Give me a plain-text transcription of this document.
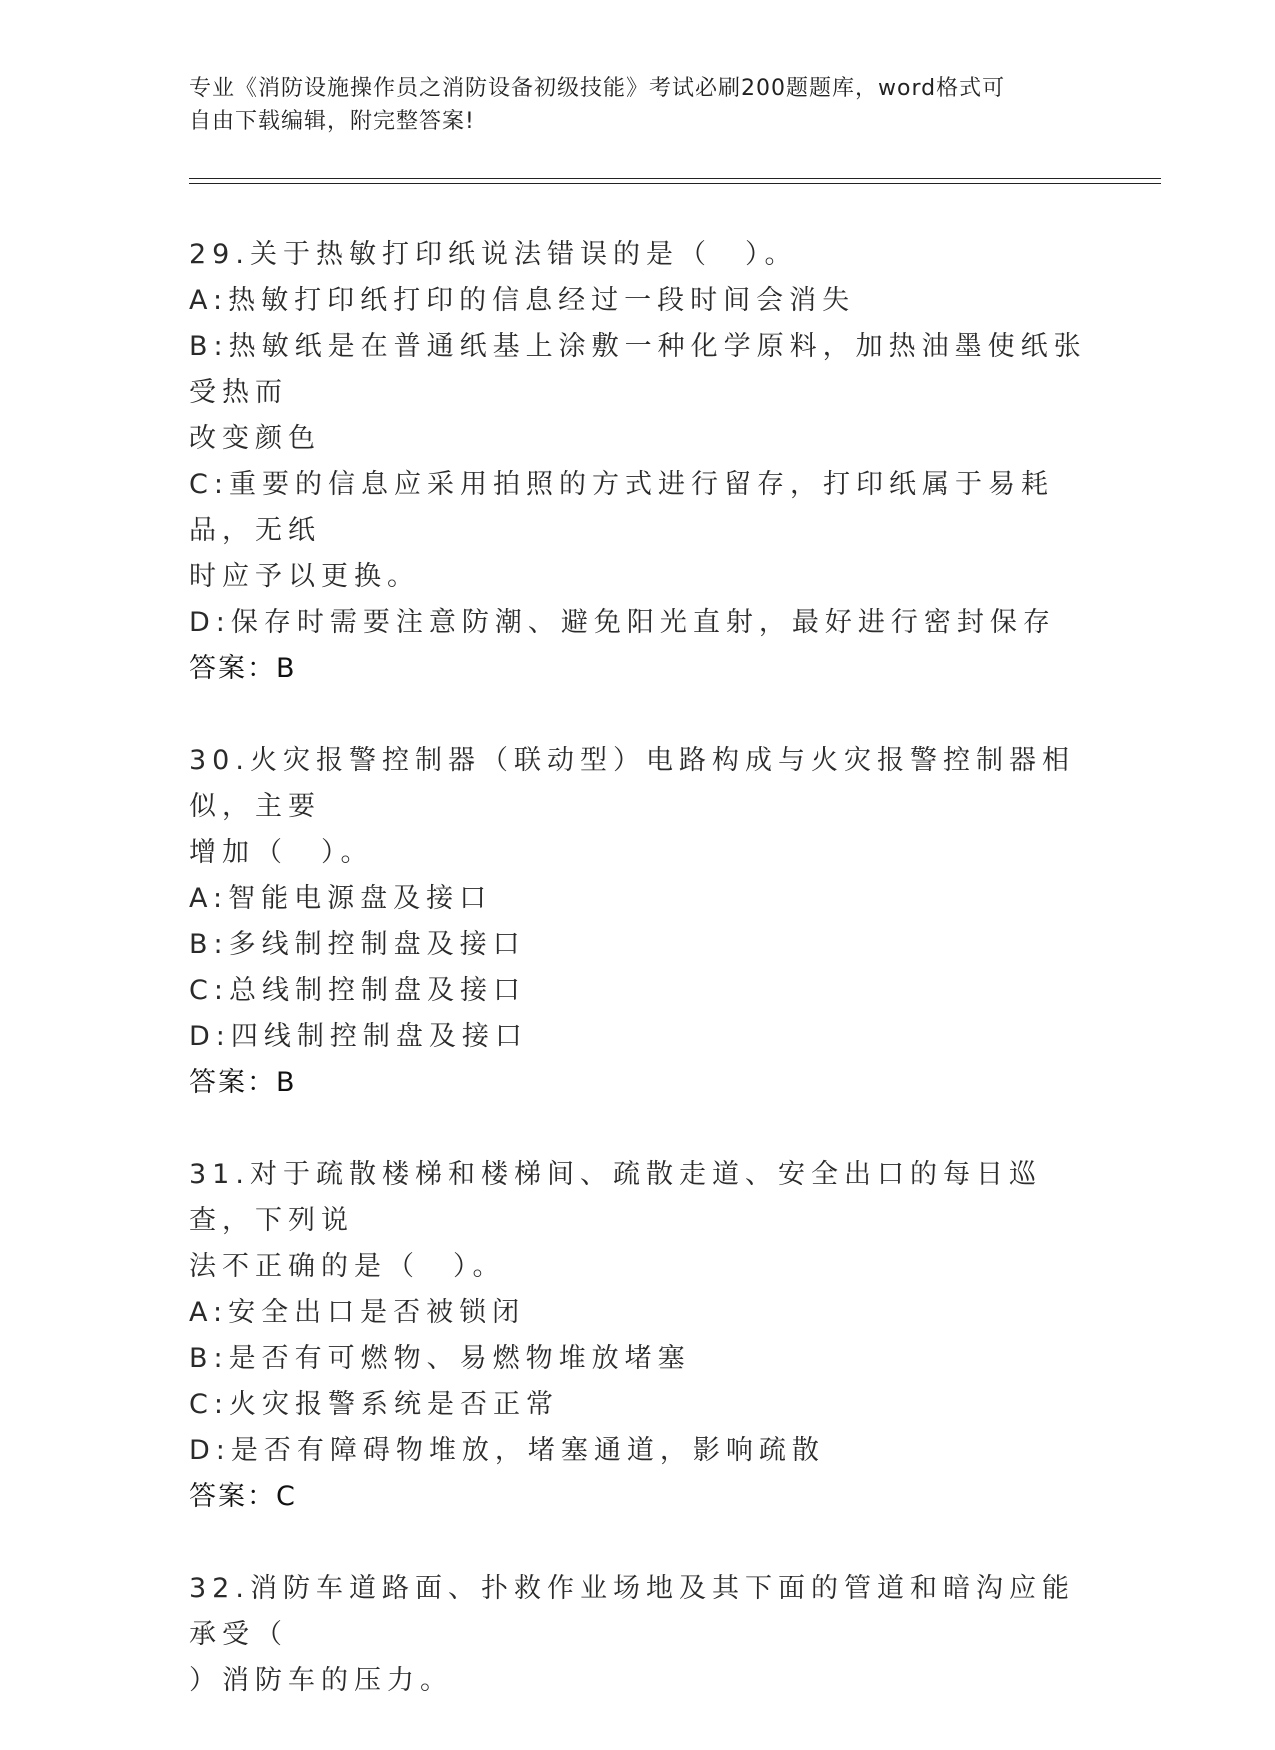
专业《消防设施操作员之消防设备初级技能》考试必刷200题题库，word格式可
自由下载编辑，附完整答案!
29.关于热敏打印纸说法错误的是（　）。
A:热敏打印纸打印的信息经过一段时间会消失
B:热敏纸是在普通纸基上涂敷一种化学原料，加热油墨使纸张受热而
改变颜色
C:重要的信息应采用拍照的方式进行留存，打印纸属于易耗品，无纸
时应予以更换。
D:保存时需要注意防潮、避免阳光直射，最好进行密封保存
答案：B
30.火灾报警控制器（联动型）电路构成与火灾报警控制器相似，主要
增加（　）。
A:智能电源盘及接口
B:多线制控制盘及接口
C:总线制控制盘及接口
D:四线制控制盘及接口
答案：B
31.对于疏散楼梯和楼梯间、疏散走道、安全出口的每日巡查，下列说
法不正确的是（　）。
A:安全出口是否被锁闭
B:是否有可燃物、易燃物堆放堵塞
C:火灾报警系统是否正常
D:是否有障碍物堆放，堵塞通道，影响疏散
答案：C
32.消防车道路面、扑救作业场地及其下面的管道和暗沟应能承受（
）消防车的压力。
